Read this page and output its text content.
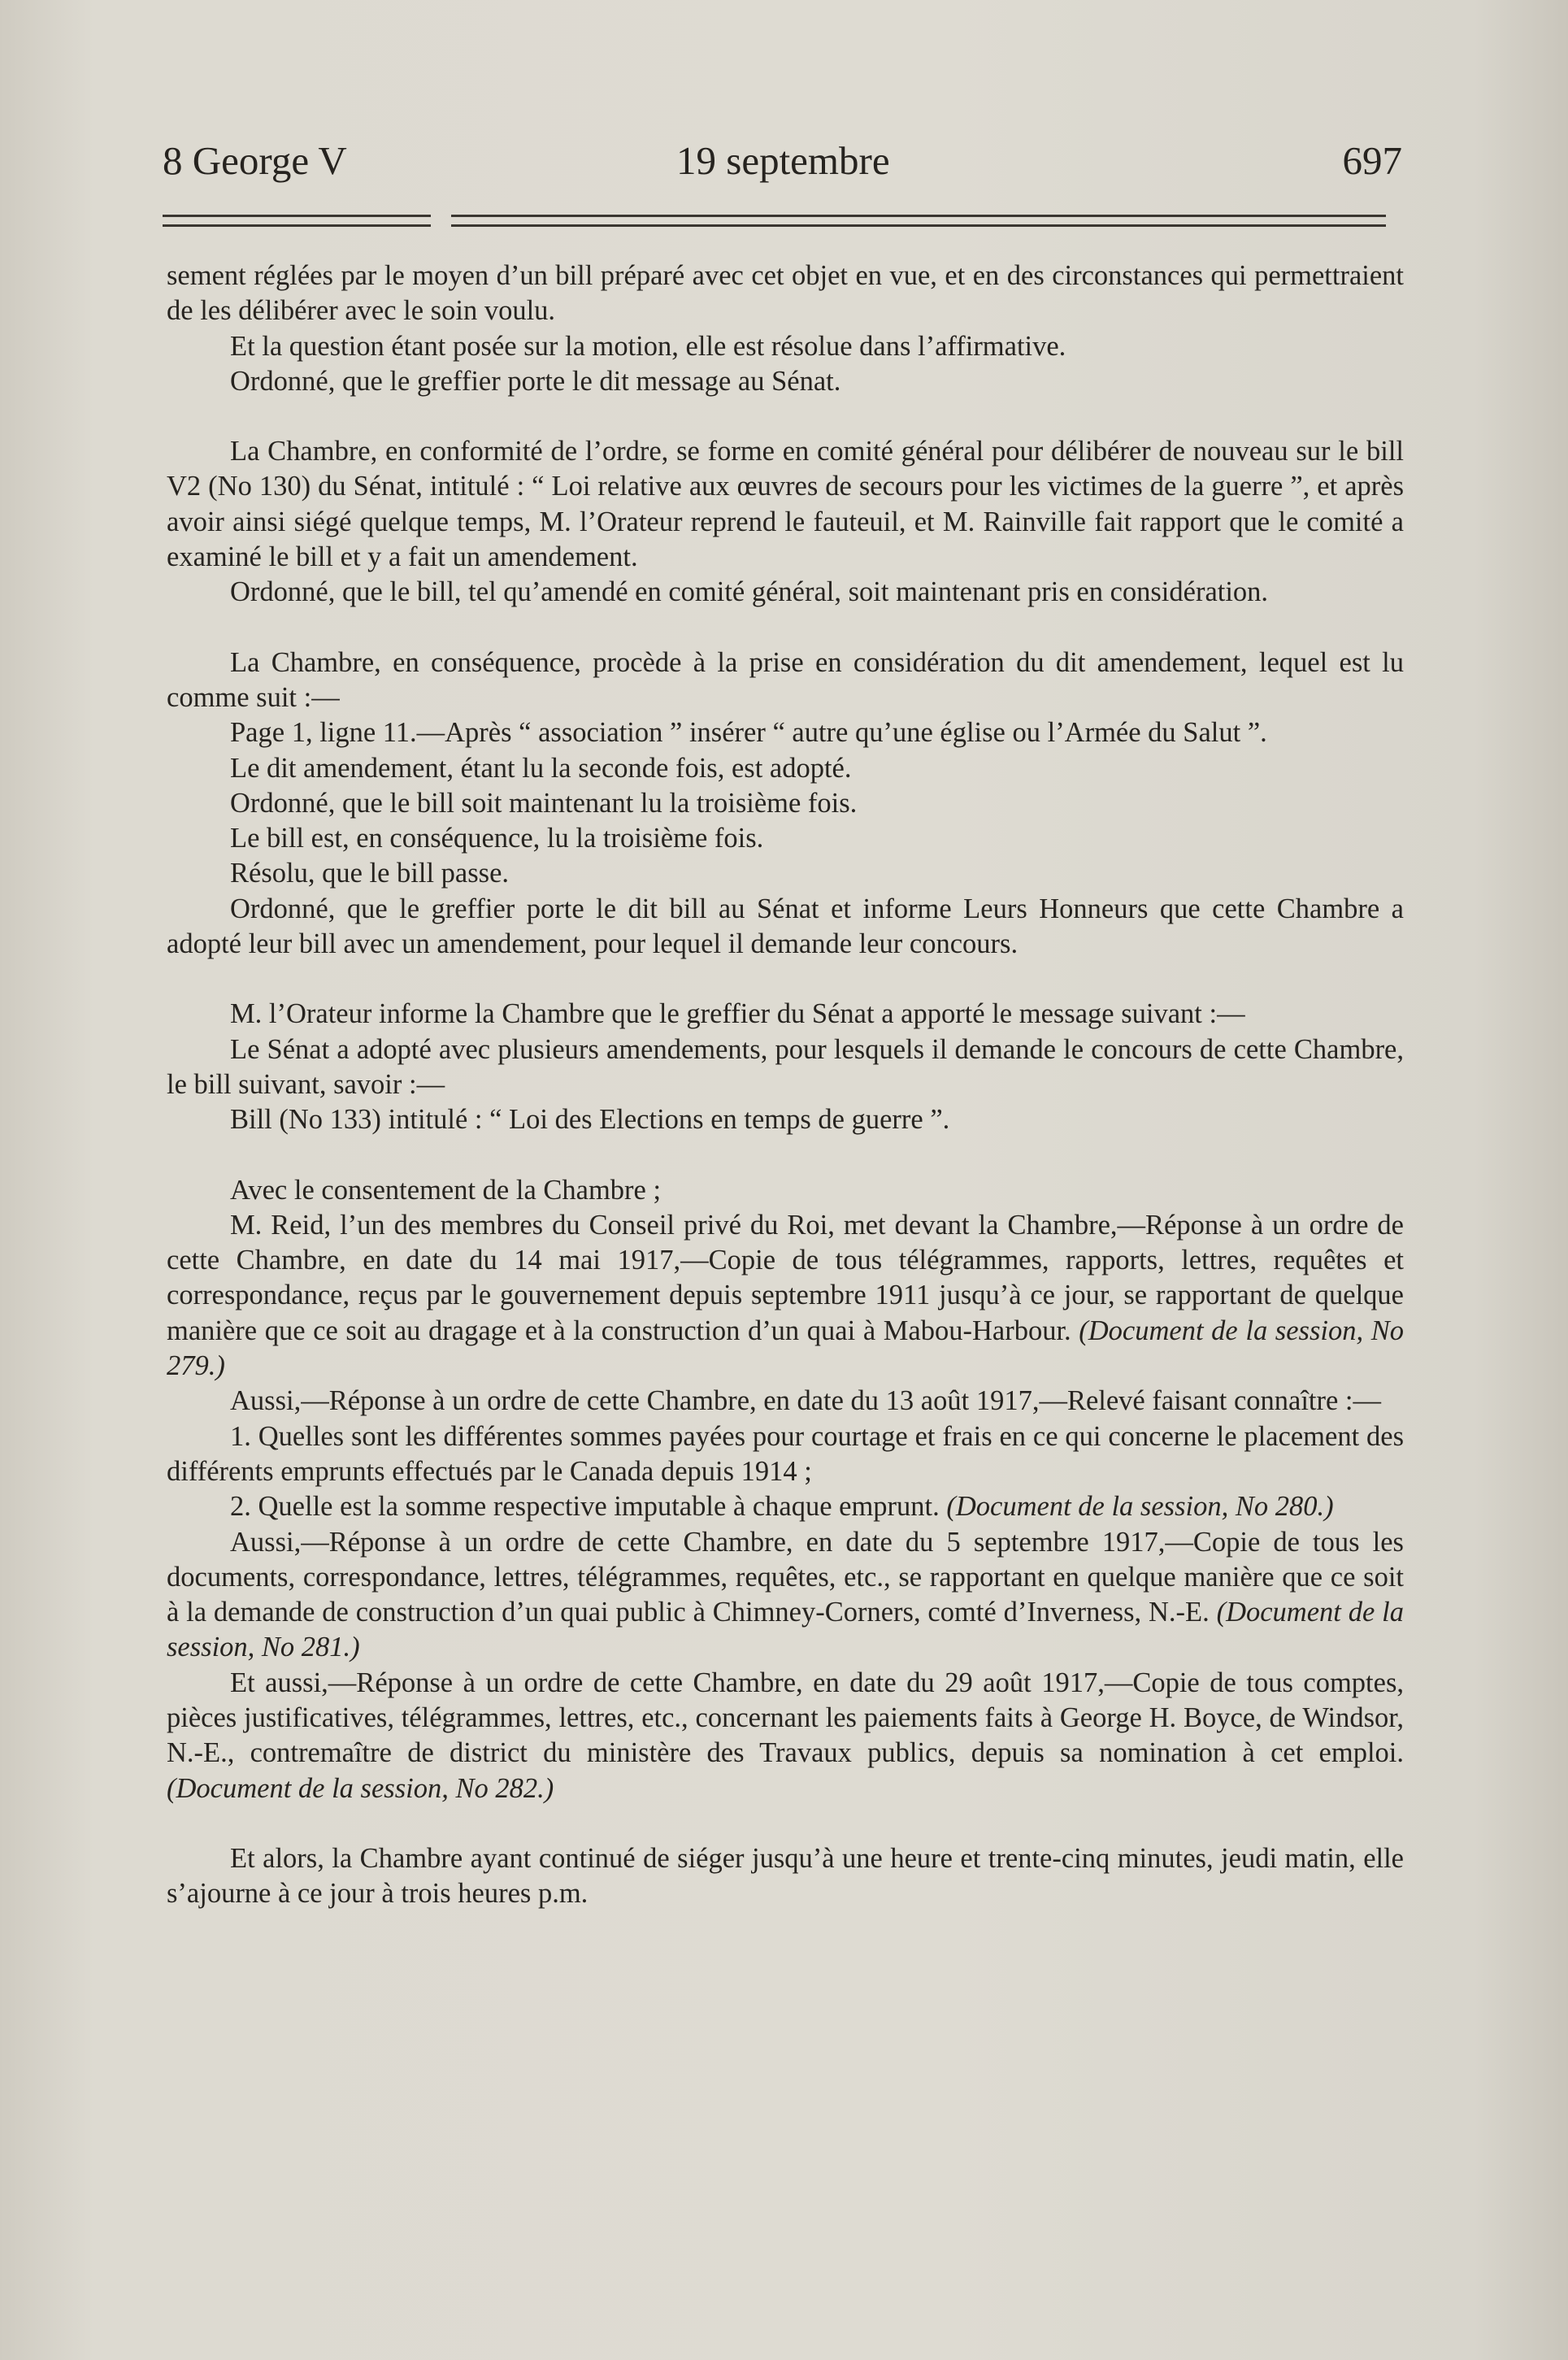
8 George V	19 septembre	697

sement réglées par le moyen d’un bill préparé avec cet objet en vue, et en des circonstances qui permettraient de les délibérer avec le soin voulu.

Et la question étant posée sur la motion, elle est résolue dans l’affirmative.

Ordonné, que le greffier porte le dit message au Sénat.

La Chambre, en conformité de l’ordre, se forme en comité général pour délibérer de nouveau sur le bill V2 (No 130) du Sénat, intitulé : “ Loi relative aux œuvres de secours pour les victimes de la guerre ”, et après avoir ainsi siégé quelque temps, M. l’Orateur reprend le fauteuil, et M. Rainville fait rapport que le comité a examiné le bill et y a fait un amendement.

Ordonné, que le bill, tel qu’amendé en comité général, soit maintenant pris en considération.

La Chambre, en conséquence, procède à la prise en considération du dit amendement, lequel est lu comme suit :—

Page 1, ligne 11.—Après “ association ” insérer “ autre qu’une église ou l’Armée du Salut ”.

Le dit amendement, étant lu la seconde fois, est adopté.

Ordonné, que le bill soit maintenant lu la troisième fois.

Le bill est, en conséquence, lu la troisième fois.

Résolu, que le bill passe.

Ordonné, que le greffier porte le dit bill au Sénat et informe Leurs Honneurs que cette Chambre a adopté leur bill avec un amendement, pour lequel il demande leur concours.

M. l’Orateur informe la Chambre que le greffier du Sénat a apporté le message suivant :—

Le Sénat a adopté avec plusieurs amendements, pour lesquels il demande le concours de cette Chambre, le bill suivant, savoir :—

Bill (No 133) intitulé : “ Loi des Elections en temps de guerre ”.

Avec le consentement de la Chambre ;

M. Reid, l’un des membres du Conseil privé du Roi, met devant la Chambre,—Réponse à un ordre de cette Chambre, en date du 14 mai 1917,—Copie de tous télégrammes, rapports, lettres, requêtes et correspondance, reçus par le gouvernement depuis septembre 1911 jusqu’à ce jour, se rapportant de quelque manière que ce soit au dragage et à la construction d’un quai à Mabou-Harbour. (Document de la session, No 279.)

Aussi,—Réponse à un ordre de cette Chambre, en date du 13 août 1917,—Relevé faisant connaître :—

1. Quelles sont les différentes sommes payées pour courtage et frais en ce qui concerne le placement des différents emprunts effectués par le Canada depuis 1914 ;

2. Quelle est la somme respective imputable à chaque emprunt. (Document de la session, No 280.)

Aussi,—Réponse à un ordre de cette Chambre, en date du 5 septembre 1917,—Copie de tous les documents, correspondance, lettres, télégrammes, requêtes, etc., se rapportant en quelque manière que ce soit à la demande de construction d’un quai public à Chimney-Corners, comté d’Inverness, N.-E. (Document de la session, No 281.)

Et aussi,—Réponse à un ordre de cette Chambre, en date du 29 août 1917,—Copie de tous comptes, pièces justificatives, télégrammes, lettres, etc., concernant les paiements faits à George H. Boyce, de Windsor, N.-E., contremaître de district du ministère des Travaux publics, depuis sa nomination à cet emploi. (Document de la session, No 282.)

Et alors, la Chambre ayant continué de siéger jusqu’à une heure et trente-cinq minutes, jeudi matin, elle s’ajourne à ce jour à trois heures p.m.
